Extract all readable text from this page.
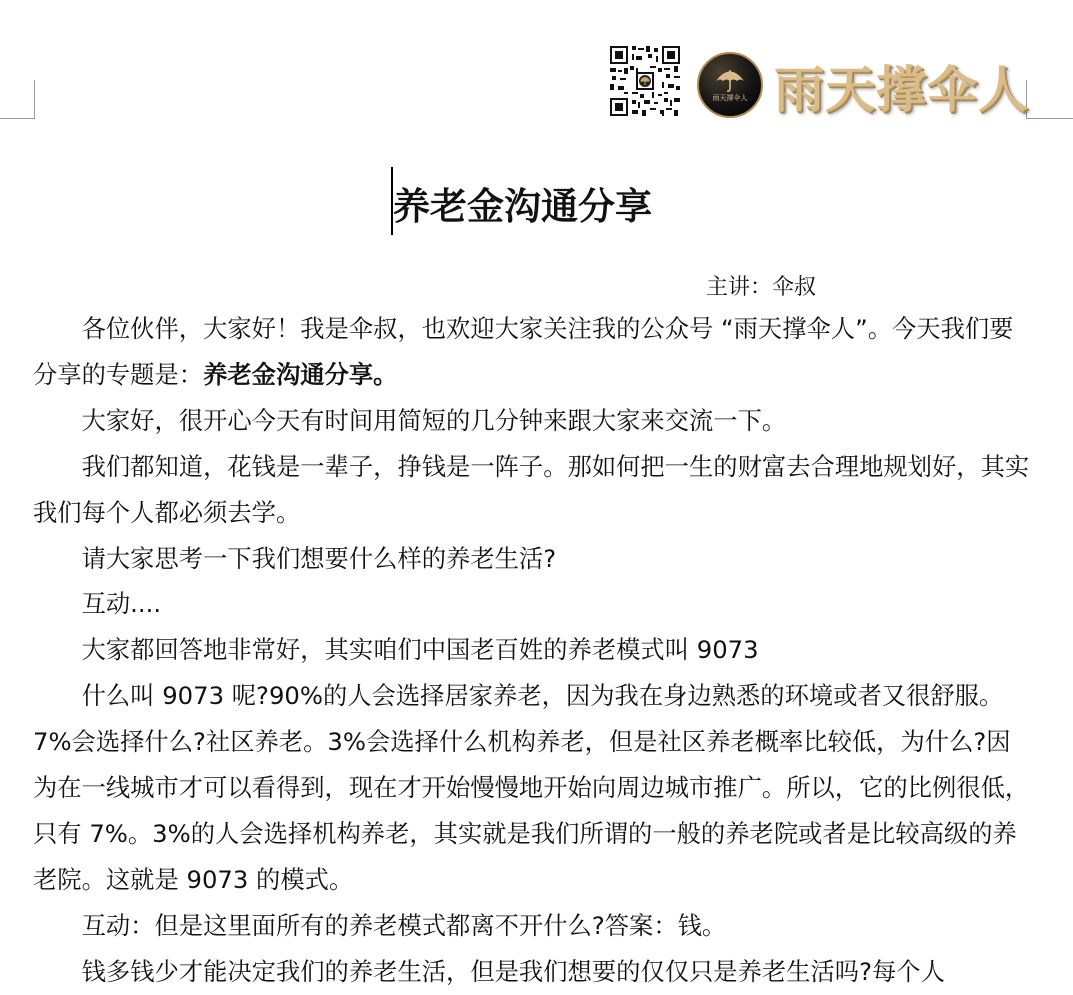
雨天撑伞人 雨天撑伞人
养老金沟通分享
主讲：伞叔

各位伙伴，大家好！我是伞叔，也欢迎大家关注我的公众号 “雨天撑伞人”。今天我们要分享的专题是：养老金沟通分享。

大家好，很开心今天有时间用简短的几分钟来跟大家来交流一下。

我们都知道，花钱是一辈子，挣钱是一阵子。那如何把一生的财富去合理地规划好，其实我们每个人都必须去学。

请大家思考一下我们想要什么样的养老生活?

互动....

大家都回答地非常好，其实咱们中国老百姓的养老模式叫 9073

什么叫 9073 呢?90%的人会选择居家养老，因为我在身边熟悉的环境或者又很舒服。7%会选择什么?社区养老。3%会选择什么机构养老，但是社区养老概率比较低，为什么?因为在一线城市才可以看得到，现在才开始慢慢地开始向周边城市推广。所以，它的比例很低，只有 7%。3%的人会选择机构养老，其实就是我们所谓的一般的养老院或者是比较高级的养老院。这就是 9073 的模式。

互动：但是这里面所有的养老模式都离不开什么?答案：钱。

钱多钱少才能决定我们的养老生活，但是我们想要的仅仅只是养老生活吗?每个人
